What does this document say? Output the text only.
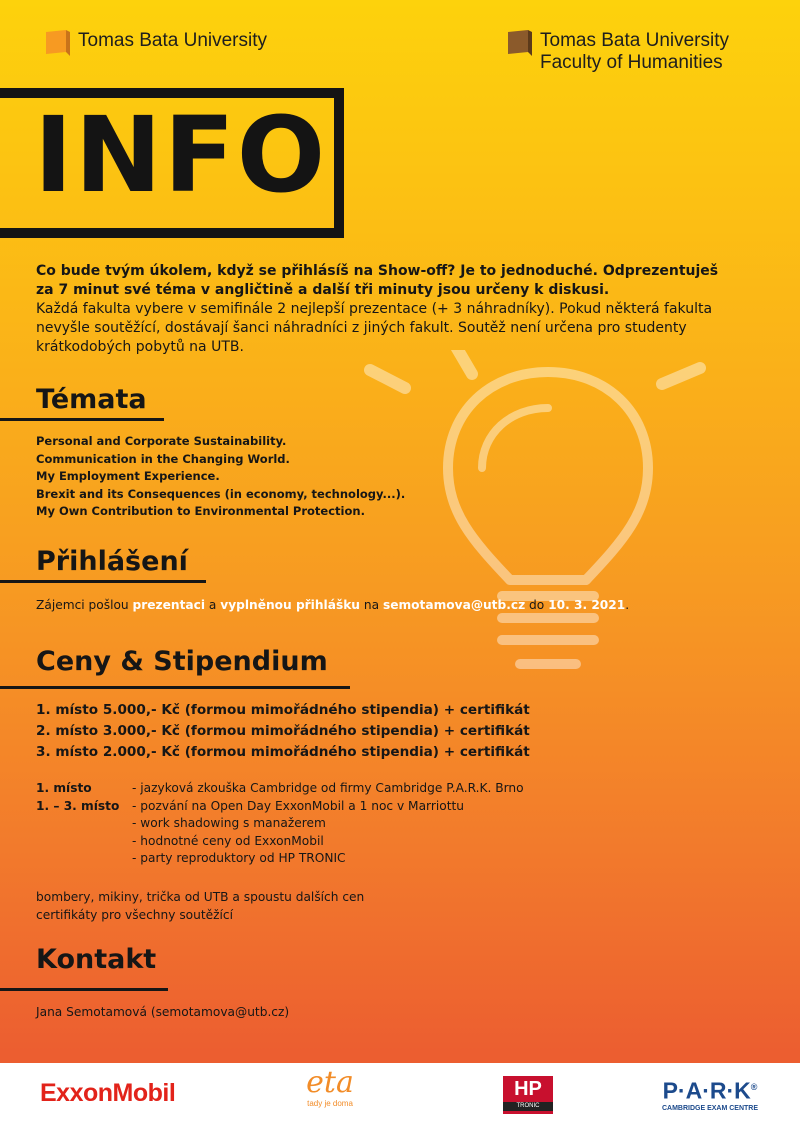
Tomas Bata University	Tomas Bata University
Faculty of Humanities
INFO
Co bude tvým úkolem, když se přihlásíš na Show-off? Je to jednoduché. Odprezentuješ
za 7 minut své téma v angličtině a další tři minuty jsou určeny k diskusi.
Každá fakulta vybere v semifinále 2 nejlepší prezentace (+ 3 náhradníky). Pokud některá fakulta
nevyšle soutěžící, dostávají šanci náhradníci z jiných fakult. Soutěž není určena pro studenty
krátkodobých pobytů na UTB.
Témata
Personal and Corporate Sustainability.
Communication in the Changing World.
My Employment Experience.
Brexit and its Consequences (in economy, technology...).
My Own Contribution to Environmental Protection.
Přihlášení
Zájemci pošlou prezentaci a vyplněnou přihlášku na semotamova@utb.cz do 10. 3. 2021.
Ceny & Stipendium
1. místo 5.000,- Kč (formou mimořádného stipendia) + certifikát
2. místo 3.000,- Kč (formou mimořádného stipendia) + certifikát
3. místo 2.000,- Kč (formou mimořádného stipendia) + certifikát
1. místo	- jazyková zkouška Cambridge od firmy Cambridge P.A.R.K. Brno
1. – 3. místo	- pozvání na Open Day ExxonMobil a 1 noc v Marriottu
- work shadowing s manažerem
- hodnotné ceny od ExxonMobil
- party reproduktory od HP TRONIC
bombery, mikiny, trička od UTB a spoustu dalších cen
certifikáty pro všechny soutěžící
Kontakt
Jana Semotamová (semotamova@utb.cz)
ExxonMobil	eta
tady je doma
HP
TRONIC
P·A·R·K®
CAMBRIDGE EXAM CENTRE
